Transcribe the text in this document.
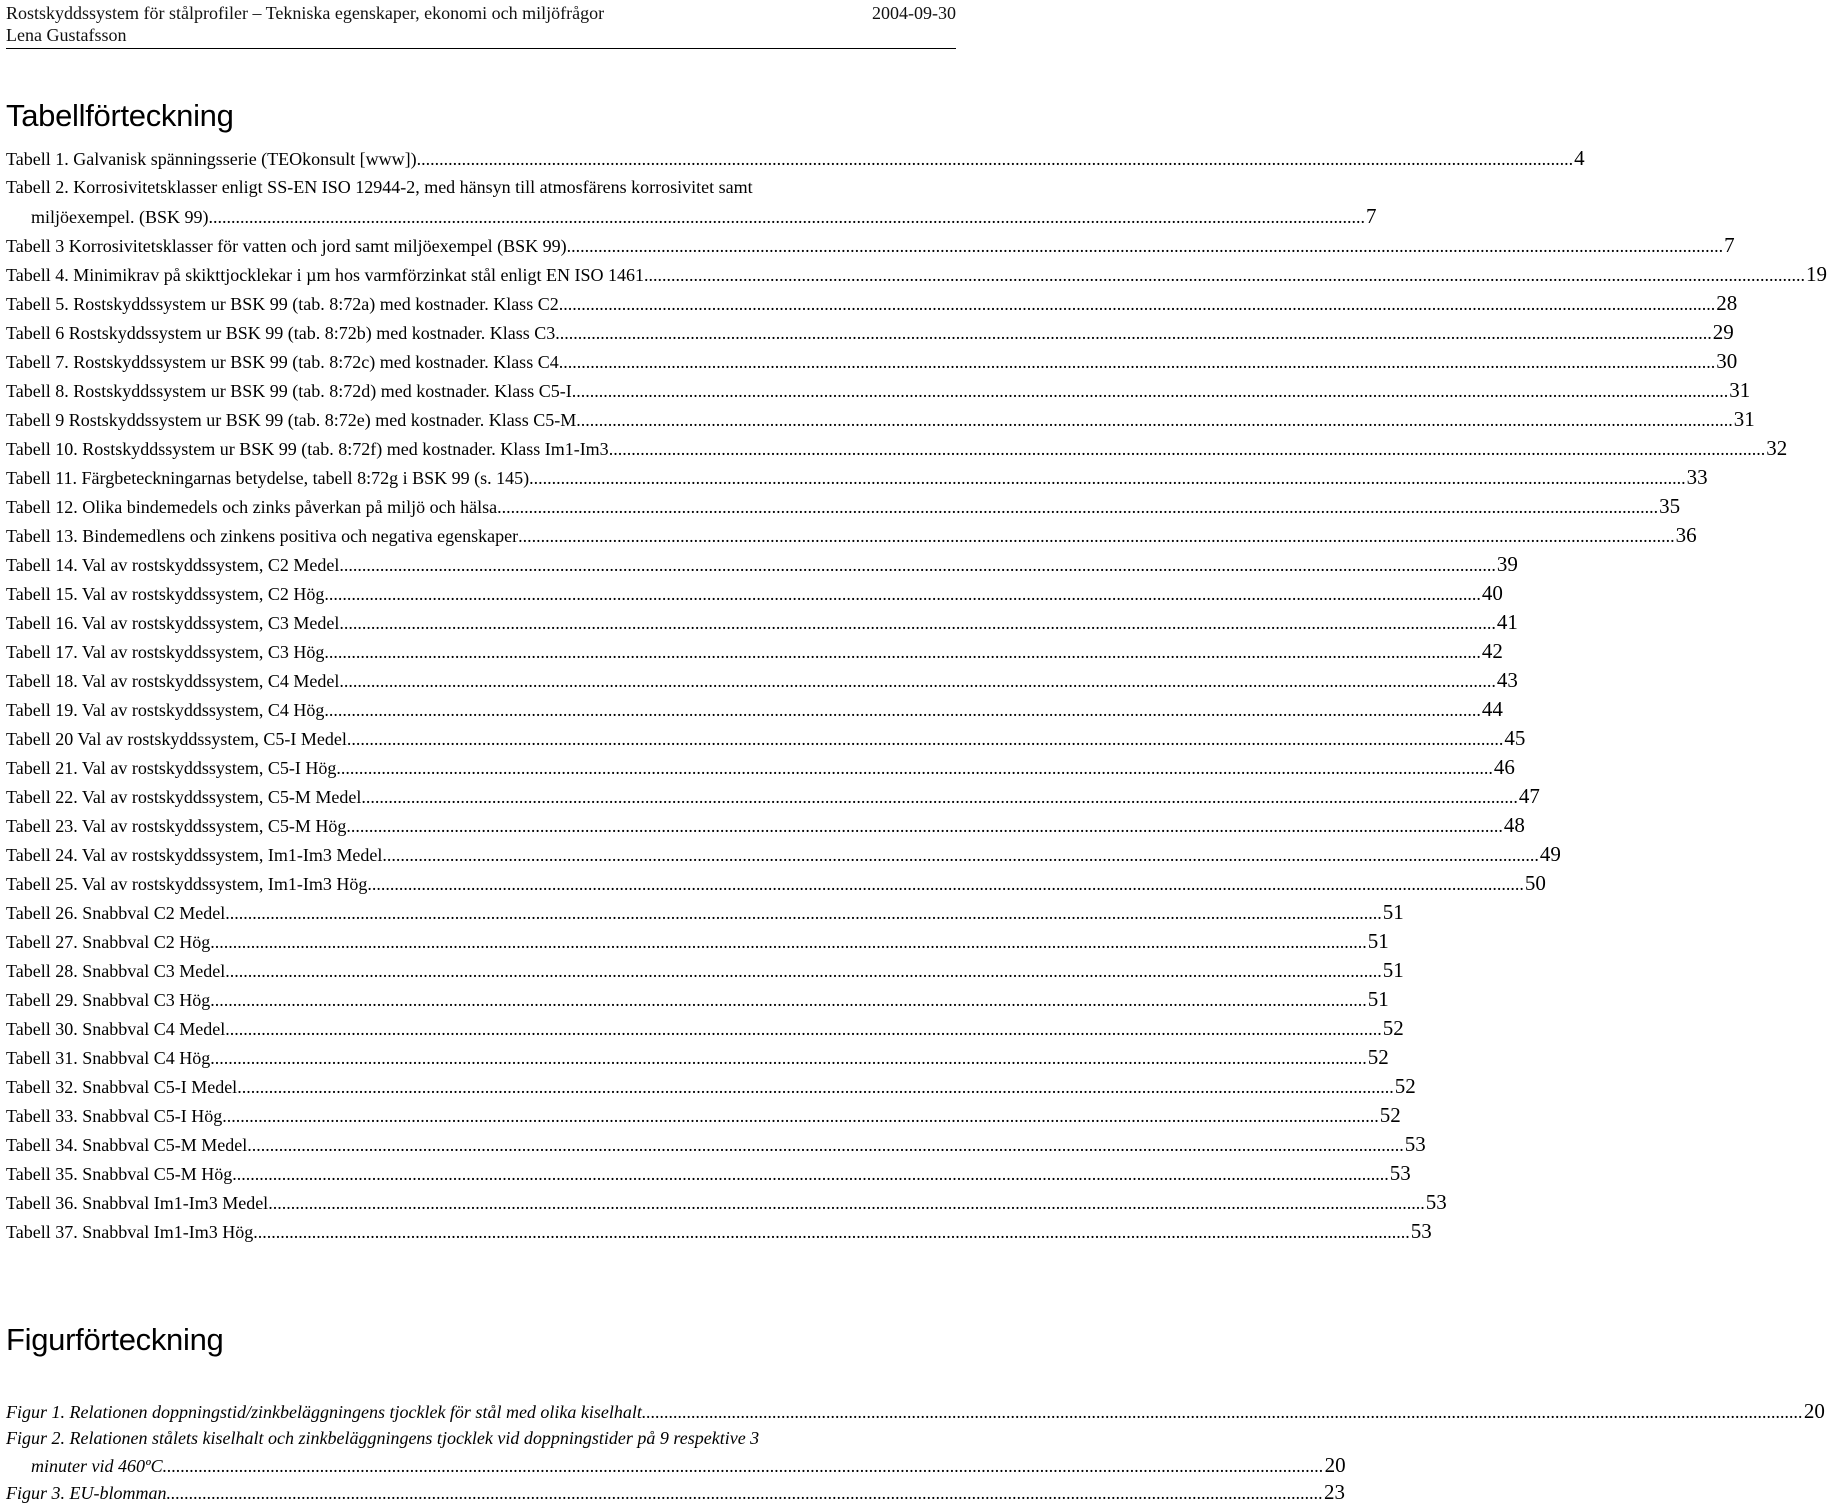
Rostskyddssystem för stålprofiler – Tekniska egenskaper, ekonomi och miljöfrågor	2004-09-30
Lena Gustafsson
Tabellförteckning
Tabell 1. Galvanisk spänningsserie (TEOkonsult [www]) .....	4
Tabell 2. Korrosivitetsklasser enligt SS-EN ISO 12944-2, med hänsyn till atmosfärens korrosivitet samt
miljöexempel. (BSK 99) .....	7
Tabell 3 Korrosivitetsklasser för vatten och jord samt miljöexempel (BSK 99) .....	7
Tabell 4. Minimikrav på skikttjocklekar i µm hos varmförzinkat stål enligt EN ISO 1461. .....	19
Tabell 5. Rostskyddssystem ur BSK 99 (tab. 8:72a) med kostnader. Klass C2 .....	28
Tabell 6 Rostskyddssystem ur BSK 99 (tab. 8:72b) med kostnader. Klass C3 .....	29
Tabell 7. Rostskyddssystem ur BSK 99 (tab. 8:72c) med kostnader. Klass C4 .....	30
Tabell 8. Rostskyddssystem ur BSK 99 (tab. 8:72d) med kostnader. Klass C5-I .....	31
Tabell 9 Rostskyddssystem ur BSK 99 (tab. 8:72e) med kostnader. Klass C5-M .....	31
Tabell 10. Rostskyddssystem ur BSK 99 (tab. 8:72f) med kostnader. Klass Im1-Im3 .....	32
Tabell 11. Färgbeteckningarnas betydelse, tabell 8:72g i BSK 99 (s. 145) .....	33
Tabell 12. Olika bindemedels och zinks påverkan på miljö och hälsa. .....	35
Tabell 13. Bindemedlens och zinkens positiva och negativa egenskaper .....	36
Tabell 14. Val av rostskyddssystem, C2 Medel .....	39
Tabell 15. Val av rostskyddssystem, C2 Hög .....	40
Tabell 16. Val av rostskyddssystem, C3 Medel .....	41
Tabell 17. Val av rostskyddssystem, C3 Hög .....	42
Tabell 18. Val av rostskyddssystem, C4 Medel .....	43
Tabell 19. Val av rostskyddssystem, C4 Hög .....	44
Tabell 20 Val av rostskyddssystem, C5-I Medel .....	45
Tabell 21. Val av rostskyddssystem, C5-I Hög .....	46
Tabell 22. Val av rostskyddssystem, C5-M Medel .....	47
Tabell 23. Val av rostskyddssystem, C5-M Hög .....	48
Tabell 24. Val av rostskyddssystem, Im1-Im3 Medel .....	49
Tabell 25. Val av rostskyddssystem, Im1-Im3 Hög .....	50
Tabell 26. Snabbval C2 Medel .....	51
Tabell 27. Snabbval C2 Hög .....	51
Tabell 28. Snabbval C3 Medel .....	51
Tabell 29. Snabbval C3 Hög .....	51
Tabell 30. Snabbval C4 Medel .....	52
Tabell 31. Snabbval C4 Hög .....	52
Tabell 32. Snabbval C5-I Medel .....	52
Tabell 33. Snabbval C5-I Hög .....	52
Tabell 34. Snabbval C5-M Medel .....	53
Tabell 35. Snabbval C5-M Hög .....	53
Tabell 36. Snabbval Im1-Im3 Medel .....	53
Tabell 37. Snabbval Im1-Im3 Hög .....	53
Figurförteckning
Figur 1. Relationen doppningstid/zinkbeläggningens tjocklek för stål med olika kiselhalt. .....	20
Figur 2. Relationen stålets kiselhalt och zinkbeläggningens tjocklek vid doppningstider på 9 respektive 3
minuter vid 460ºC. .....	20
Figur 3. EU-blomman .....	23
